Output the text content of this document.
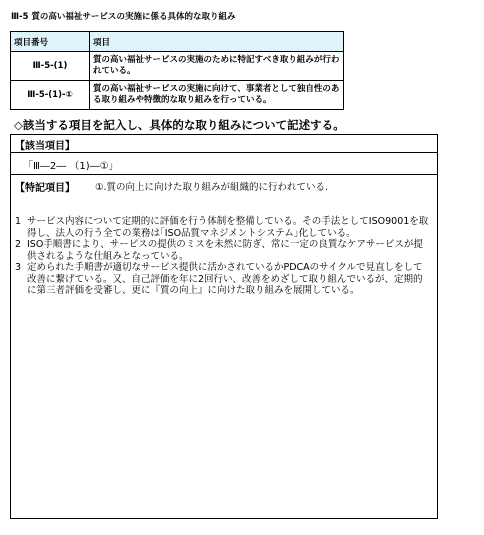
Ⅲ-5 質の高い福祉サービスの実施に係る具体的な取り組み
項目番号	項目
Ⅲ-5-(1)	質の高い福祉サービスの実施のために特記すべき取り組みが行われている。
Ⅲ-5-(1)-①	質の高い福祉サービスの実施に向けて、事業者として独自性のある取り組みや特徴的な取り組みを行っている。
◇該当する項目を記入し、具体的な取り組みについて記述する。
【該当項目】
「Ⅲ―2― （1)―①」
【特記項目】 ①.質の向上に向けた取り組みが組織的に行われている.
1 サービス内容について定期的に評価を行う体制を整備している。その手法としてISO9001を取得し、法人の行う全ての業務は｢ISO品質マネジメントシステム｣化している。
2 ISO手順書により、サービスの提供のミスを未然に防ぎ、常に一定の良質なケアサービスが提供されるような仕組みとなっている。
3 定められた手順書が適切なサービス提供に活かされているかPDCAのサイクルで見直しをして改善に繋げている。又、自己評価を年に2回行い、改善をめざして取り組んでいるが、定期的に第三者評価を受審し、更に『質の向上』に向けた取り組みを展開している。
